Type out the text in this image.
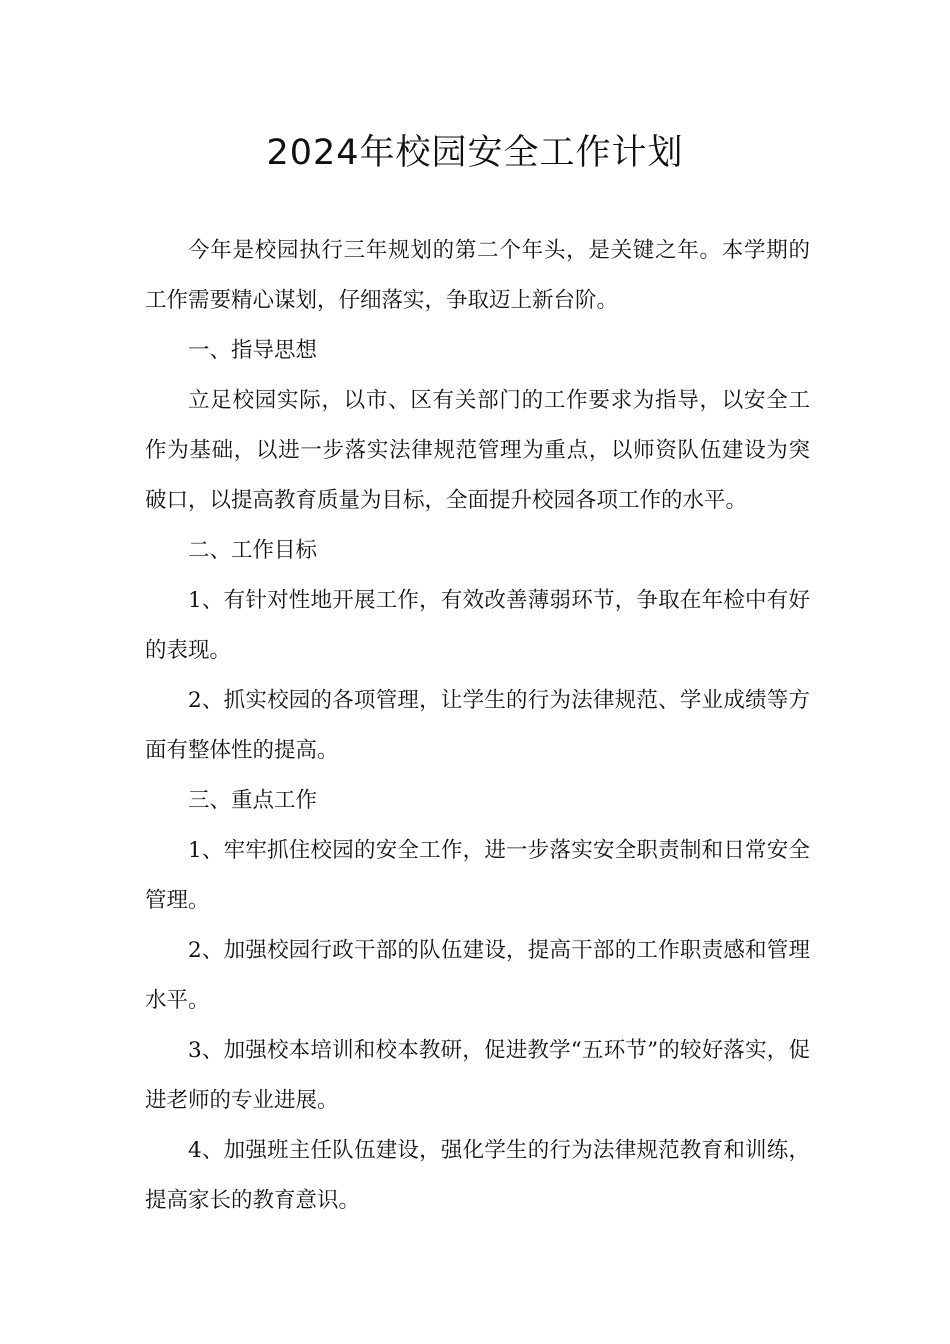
2024年校园安全工作计划

今年是校园执行三年规划的第二个年头，是关键之年。本学期的工作需要精心谋划，仔细落实，争取迈上新台阶。

一、指导思想

立足校园实际，以市、区有关部门的工作要求为指导，以安全工作为基础，以进一步落实法律规范管理为重点，以师资队伍建设为突破口，以提高教育质量为目标，全面提升校园各项工作的水平。

二、工作目标

1、有针对性地开展工作，有效改善薄弱环节，争取在年检中有好的表现。

2、抓实校园的各项管理，让学生的行为法律规范、学业成绩等方面有整体性的提高。

三、重点工作

1、牢牢抓住校园的安全工作，进一步落实安全职责制和日常安全管理。

2、加强校园行政干部的队伍建设，提高干部的工作职责感和管理水平。

3、加强校本培训和校本教研，促进教学“五环节”的较好落实，促进老师的专业进展。

4、加强班主任队伍建设，强化学生的行为法律规范教育和训练，提高家长的教育意识。
